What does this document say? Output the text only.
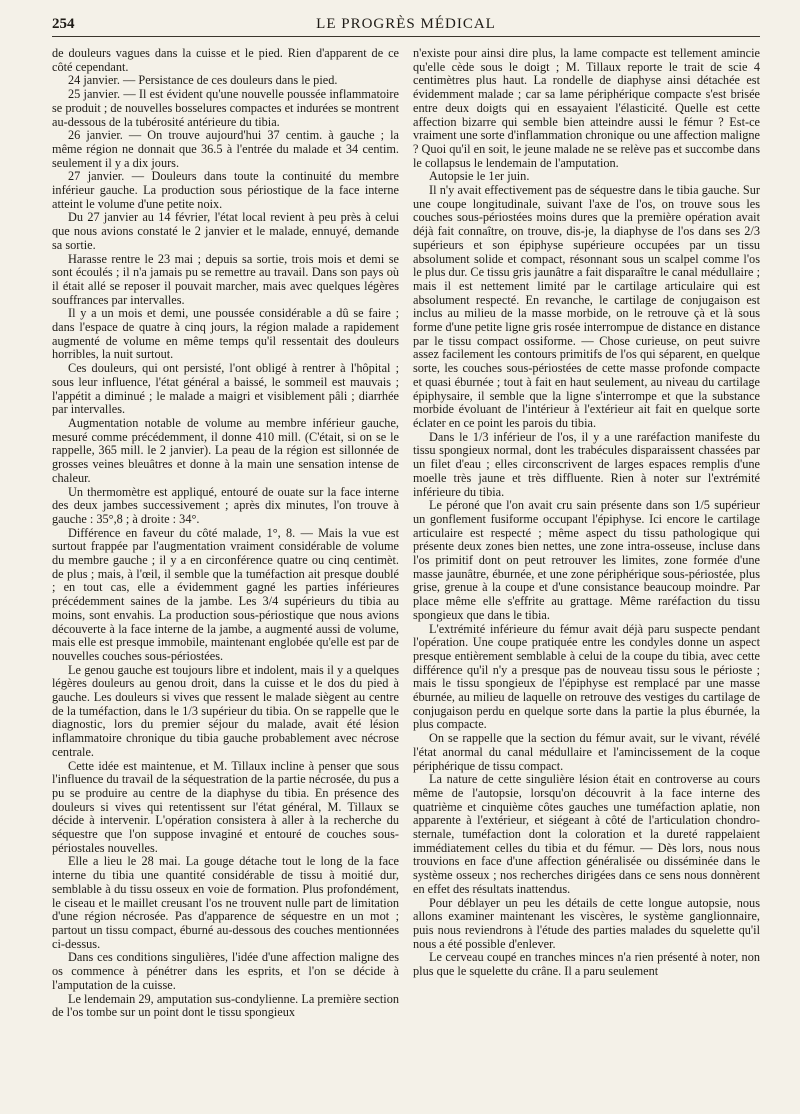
254	LE PROGRÈS MÉDICAL

de douleurs vagues dans la cuisse et le pied. Rien d'apparent de ce côté cependant.

24 janvier. — Persistance de ces douleurs dans le pied.

25 janvier. — Il est évident qu'une nouvelle poussée inflammatoire se produit ; de nouvelles bosselures compactes et indurées se montrent au-dessous de la tubérosité antérieure du tibia.

26 janvier. — On trouve aujourd'hui 37 centim. à gauche ; la même région ne donnait que 36.5 à l'entrée du malade et 34 centim. seulement il y a dix jours.

27 janvier. — Douleurs dans toute la continuité du membre inférieur gauche. La production sous périostique de la face interne atteint le volume d'une petite noix.

Du 27 janvier au 14 février, l'état local revient à peu près à celui que nous avions constaté le 2 janvier et le malade, ennuyé, demande sa sortie.

Harasse rentre le 23 mai ; depuis sa sortie, trois mois et demi se sont écoulés ; il n'a jamais pu se remettre au travail. Dans son pays où il était allé se reposer il pouvait marcher, mais avec quelques légères souffrances par intervalles.

Il y a un mois et demi, une poussée considérable a dû se faire ; dans l'espace de quatre à cinq jours, la région malade a rapidement augmenté de volume en même temps qu'il ressentait des douleurs horribles, la nuit surtout.

Ces douleurs, qui ont persisté, l'ont obligé à rentrer à l'hôpital ; sous leur influence, l'état général a baissé, le sommeil est mauvais ; l'appétit a diminué ; le malade a maigri et visiblement pâli ; diarrhée par intervalles.

Augmentation notable de volume au membre inférieur gauche, mesuré comme précédemment, il donne 410 mill. (C'était, si on se le rappelle, 365 mill. le 2 janvier). La peau de la région est sillonnée de grosses veines bleuâtres et donne à la main une sensation intense de chaleur.

Un thermomètre est appliqué, entouré de ouate sur la face interne des deux jambes successivement ; après dix minutes, l'on trouve à gauche : 35°,8 ; à droite : 34°.

Différence en faveur du côté malade, 1°, 8. — Mais la vue est surtout frappée par l'augmentation vraiment considérable de volume du membre gauche ; il y a en circonférence quatre ou cinq centimèt. de plus ; mais, à l'œil, il semble que la tuméfaction ait presque doublé ; en tout cas, elle a évidemment gagné les parties inférieures précédemment saines de la jambe. Les 3/4 supérieurs du tibia au moins, sont envahis. La production sous-périostique que nous avions découverte à la face interne de la jambe, a augmenté aussi de volume, mais elle est presque immobile, maintenant englobée qu'elle est par de nouvelles couches sous-périostées.

Le genou gauche est toujours libre et indolent, mais il y a quelques légères douleurs au genou droit, dans la cuisse et le dos du pied à gauche. Les douleurs si vives que ressent le malade siègent au centre de la tuméfaction, dans le 1/3 supérieur du tibia. On se rappelle que le diagnostic, lors du premier séjour du malade, avait été lésion inflammatoire chronique du tibia gauche probablement avec nécrose centrale.

Cette idée est maintenue, et M. Tillaux incline à penser que sous l'influence du travail de la séquestration de la partie nécrosée, du pus a pu se produire au centre de la diaphyse du tibia. En présence des douleurs si vives qui retentissent sur l'état général, M. Tillaux se décide à intervenir. L'opération consistera à aller à la recherche du séquestre que l'on suppose invaginé et entouré de couches sous-périostales nouvelles.

Elle a lieu le 28 mai. La gouge détache tout le long de la face interne du tibia une quantité considérable de tissu à moitié dur, semblable à du tissu osseux en voie de formation. Plus profondément, le ciseau et le maillet creusant l'os ne trouvent nulle part de limitation d'une région nécrosée. Pas d'apparence de séquestre en un mot ; partout un tissu compact, éburné au-dessous des couches mentionnées ci-dessus.

Dans ces conditions singulières, l'idée d'une affection maligne des os commence à pénétrer dans les esprits, et l'on se décide à l'amputation de la cuisse.

Le lendemain 29, amputation sus-condylienne. La première section de l'os tombe sur un point dont le tissu spongieux

n'existe pour ainsi dire plus, la lame compacte est tellement amincie qu'elle cède sous le doigt ; M. Tillaux reporte le trait de scie 4 centimètres plus haut. La rondelle de diaphyse ainsi détachée est évidemment malade ; car sa lame périphérique compacte s'est brisée entre deux doigts qui en essayaient l'élasticité. Quelle est cette affection bizarre qui semble bien atteindre aussi le fémur ? Est-ce vraiment une sorte d'inflammation chronique ou une affection maligne ? Quoi qu'il en soit, le jeune malade ne se relève pas et succombe dans le collapsus le lendemain de l'amputation.

Autopsie le 1er juin.

Il n'y avait effectivement pas de séquestre dans le tibia gauche. Sur une coupe longitudinale, suivant l'axe de l'os, on trouve sous les couches sous-périostées moins dures que la première opération avait déjà fait connaître, on trouve, dis-je, la diaphyse de l'os dans ses 2/3 supérieurs et son épiphyse supérieure occupées par un tissu absolument solide et compact, résonnant sous un scalpel comme l'os le plus dur. Ce tissu gris jaunâtre a fait disparaître le canal médullaire ; mais il est nettement limité par le cartilage articulaire qui est absolument respecté. En revanche, le cartilage de conjugaison est inclus au milieu de la masse morbide, on le retrouve çà et là sous forme d'une petite ligne gris rosée interrompue de distance en distance par le tissu compact ossiforme. — Chose curieuse, on peut suivre assez facilement les contours primitifs de l'os qui séparent, en quelque sorte, les couches sous-périostées de cette masse profonde compacte et quasi éburnée ; tout à fait en haut seulement, au niveau du cartilage épiphysaire, il semble que la ligne s'interrompe et que la substance morbide évoluant de l'intérieur à l'extérieur ait fait en quelque sorte éclater en ce point les parois du tibia.

Dans le 1/3 inférieur de l'os, il y a une raréfaction manifeste du tissu spongieux normal, dont les trabécules disparaissent chassées par un filet d'eau ; elles circonscrivent de larges espaces remplis d'une moelle très jaune et très diffluente. Rien à noter sur l'extrémité inférieure du tibia.

Le péroné que l'on avait cru sain présente dans son 1/5 supérieur un gonflement fusiforme occupant l'épiphyse. Ici encore le cartilage articulaire est respecté ; même aspect du tissu pathologique qui présente deux zones bien nettes, une zone intra-osseuse, incluse dans l'os primitif dont on peut retrouver les limites, zone formée d'une masse jaunâtre, éburnée, et une zone périphérique sous-périostée, plus grise, grenue à la coupe et d'une consistance beaucoup moindre. Par place même elle s'effrite au grattage. Même raréfaction du tissu spongieux que dans le tibia.

L'extrémité inférieure du fémur avait déjà paru suspecte pendant l'opération. Une coupe pratiquée entre les condyles donne un aspect presque entièrement semblable à celui de la coupe du tibia, avec cette différence qu'il n'y a presque pas de nouveau tissu sous le périoste ; mais le tissu spongieux de l'épiphyse est remplacé par une masse éburnée, au milieu de laquelle on retrouve des vestiges du cartilage de conjugaison perdu en quelque sorte dans la partie la plus éburnée, la plus compacte.

On se rappelle que la section du fémur avait, sur le vivant, révélé l'état anormal du canal médullaire et l'amincissement de la coque périphérique de tissu compact.

La nature de cette singulière lésion était en controverse au cours même de l'autopsie, lorsqu'on découvrit à la face interne des quatrième et cinquième côtes gauches une tuméfaction aplatie, non apparente à l'extérieur, et siégeant à côté de l'articulation chondro-sternale, tuméfaction dont la coloration et la dureté rappelaient immédiatement celles du tibia et du fémur. — Dès lors, nous nous trouvions en face d'une affection généralisée ou disséminée dans le système osseux ; nos recherches dirigées dans ce sens nous donnèrent en effet des résultats inattendus.

Pour déblayer un peu les détails de cette longue autopsie, nous allons examiner maintenant les viscères, le système ganglionnaire, puis nous reviendrons à l'étude des parties malades du squelette qu'il nous a été possible d'enlever.

Le cerveau coupé en tranches minces n'a rien présenté à noter, non plus que le squelette du crâne. Il a paru seulement
